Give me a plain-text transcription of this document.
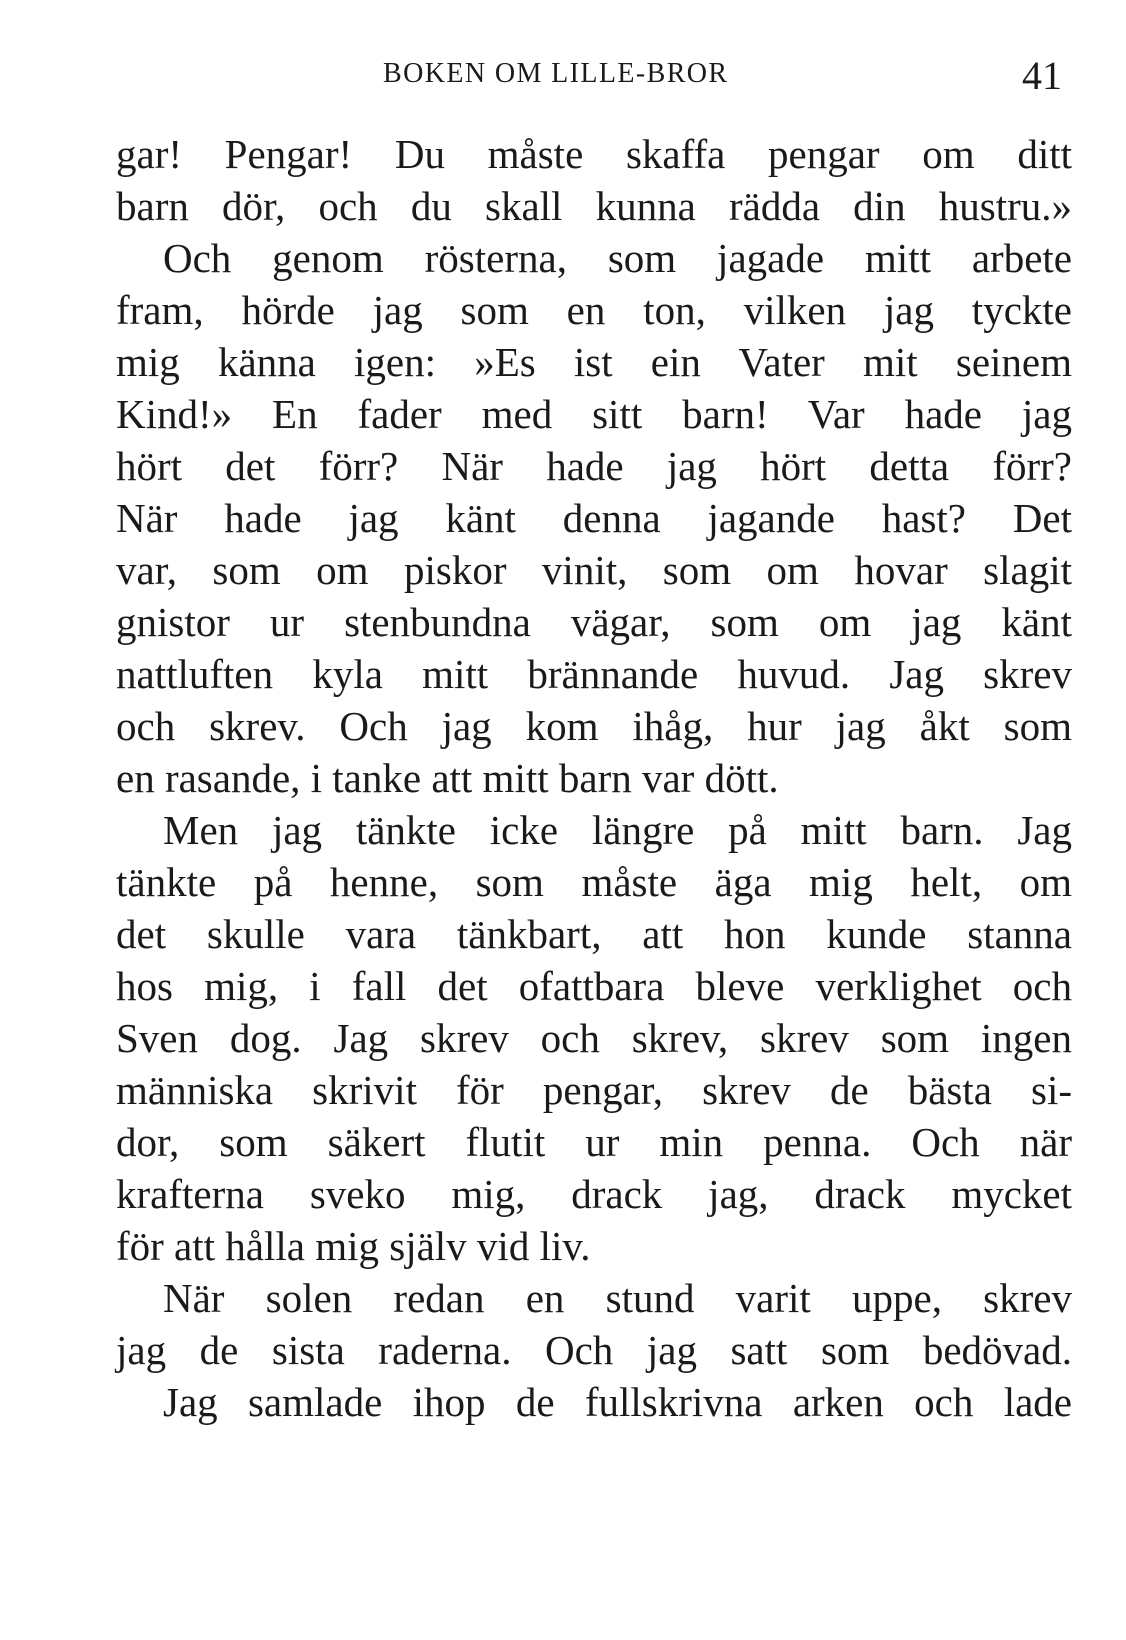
BOKEN OM LILLE-BROR	41
gar! Pengar! Du måste skaffa pengar om ditt
barn dör, och du skall kunna rädda din hustru.»
Och genom rösterna, som jagade mitt arbete
fram, hörde jag som en ton, vilken jag tyckte
mig känna igen: »Es ist ein Vater mit seinem
Kind!» En fader med sitt barn! Var hade jag
hört det förr? När hade jag hört detta förr?
När hade jag känt denna jagande hast? Det
var, som om piskor vinit, som om hovar slagit
gnistor ur stenbundna vägar, som om jag känt
nattluften kyla mitt brännande huvud. Jag skrev
och skrev. Och jag kom ihåg, hur jag åkt som
en rasande, i tanke att mitt barn var dött.
Men jag tänkte icke längre på mitt barn. Jag
tänkte på henne, som måste äga mig helt, om
det skulle vara tänkbart, att hon kunde stanna
hos mig, i fall det ofattbara bleve verklighet och
Sven dog. Jag skrev och skrev, skrev som ingen
människa skrivit för pengar, skrev de bästa si-
dor, som säkert flutit ur min penna. Och när
krafterna sveko mig, drack jag, drack mycket
för att hålla mig själv vid liv.
När solen redan en stund varit uppe, skrev
jag de sista raderna. Och jag satt som bedövad.
Jag samlade ihop de fullskrivna arken och lade
